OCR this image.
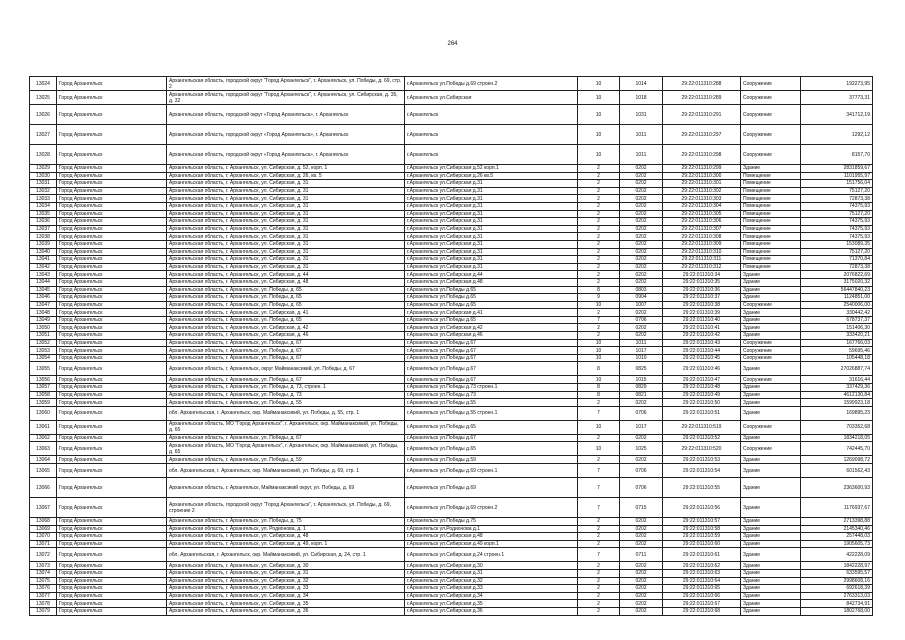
264
13024	Город Архангельск	Архангельская область, городской округ "Город Архангельск", г. Архангельск, ул. Победы, д. 69, стр. 2	г.Архангельск ул.Победы д.69 строен.2	10	1014	29:22:011310:288	Сооружение	192273,95
13025	Город Архангельск	Архангельская область, городской округ "Город Архангельск", г. Архангельск, ул. Сибирская, д. 35, д. 32	г.Архангельск ул.Сибирская	10	1018	29:22:011310:289	Сооружение	37773,31
13026	Город Архангельск	Архангельская область, городской округ «Город Архангельск», г. Архангельск	г.Архангельск	10	1031	29:22:011310:291	Сооружение	341712,19
13027	Город Архангельск	Архангельская область, городской округ «Город Архангельск», г. Архангельск	г.Архангельск	10	1011	29:22:011310:297	Сооружение	1292,12
13028	Город Архангельск	Архангельская область, городской округ «Город Архангельск», г. Архангельск	г.Архангельск	10	1011	29:22:011310:298	Сооружение	8157,70
13029	Город Архангельск	Архангельская область, г. Архангельск, ул. Сибирская, д. 52, корп. 1	г.Архангельск ул.Сибирская д.52 корп.1	2	0202	29:22:011310:299	Здание	2831859,67
13030	Город Архангельск	Архангельская область, г. Архангельск, ул. Сибирская, д. 26, кв. 5	г.Архангельск ул.Сибирская д.26 кв.5	2	0202	29:22:011310:300	Помещение	1101955,97
13031	Город Архангельск	Архангельская область, г. Архангельск, ул. Сибирская, д. 31	г.Архангельск ул.Сибирская д.31	2	0202	29:22:011310:301	Помещение	151756,04
13032	Город Архангельск	Архангельская область, г. Архангельск, ул. Сибирская, д. 31	г.Архангельск ул.Сибирская д.31	2	0202	29:22:011310:302	Помещение	75127,20
13033	Город Архангельск	Архангельская область, г. Архангельск, ул. Сибирская, д. 31	г.Архангельск ул.Сибирская д.31	2	0202	29:22:011310:303	Помещение	72873,38
13034	Город Архангельск	Архангельская область, г. Архангельск, ул. Сибирская, д. 31	г.Архангельск ул.Сибирская д.31	2	0202	29:22:011310:304	Помещение	74375,93
13035	Город Архангельск	Архангельская область, г. Архангельск, ул. Сибирская, д. 31	г.Архангельск ул.Сибирская д.31	2	0202	29:22:011310:305	Помещение	75127,20
13036	Город Архангельск	Архангельская область, г. Архангельск, ул. Сибирская, д. 31	г.Архангельск ул.Сибирская д.31	2	0202	29:22:011310:306	Помещение	74375,93
13037	Город Архангельск	Архангельская область, г. Архангельск, ул. Сибирская, д. 31	г.Архангельск ул.Сибирская д.31	2	0202	29:22:011310:307	Помещение	74375,93
13038	Город Архангельск	Архангельская область, г. Архангельск, ул. Сибирская, д. 31	г.Архангельск ул.Сибирская д.31	2	0202	29:22:011310:308	Помещение	74375,93
13039	Город Архангельск	Архангельская область, г. Архангельск, ул. Сибирская, д. 31	г.Архангельск ул.Сибирская д.31	2	0202	29:22:011310:309	Помещение	153089,35
13040	Город Архангельск	Архангельская область, г. Архангельск, ул. Сибирская, д. 31	г.Архангельск ул.Сибирская д.31	2	0202	29:22:011310:310	Помещение	75127,20
13041	Город Архангельск	Архангельская область, г. Архангельск, ул. Сибирская, д. 31	г.Архангельск ул.Сибирская д.31	2	0202	29:22:011310:311	Помещение	71370,84
13042	Город Архангельск	Архангельская область, г. Архангельск, ул. Сибирская, д. 31	г.Архангельск ул.Сибирская д.31	2	0202	29:22:011310:312	Помещение	72873,38
13043	Город Архангельск	Архангельская область, г. Архангельск, ул. Сибирская, д. 44	г.Архангельск ул.Сибирская д.44	2	0202	29:22:011310:34	Здание	2076822,69
13044	Город Архангельск	Архангельская область, г. Архангельск, ул. Сибирская, д. 48	г.Архангельск ул.Сибирская д.48	2	0202	29:22:011310:35	Здание	3175020,32
13045	Город Архангельск	Архангельская область, г. Архангельск, ул. Победы, д. 65	г.Архангельск ул.Победы д.65	8	0803	29:22:011310:36	Здание	56447840,23
13046	Город Архангельск	Архангельская область, г. Архангельск, ул. Победы, д. 65	г.Архангельск ул.Победы д.65	9	0904	29:22:011310:37	Здание	1124851,00
13047	Город Архангельск	Архангельская область, г. Архангельск, ул. Победы, д. 65	г.Архангельск ул.Победы д.65	10	1007	29:22:011310:38	Сооружение	2540006,00
13048	Город Архангельск	Архангельская область, г. Архангельск, ул. Сибирская, д. 41	г.Архангельск ул.Сибирская д.41	2	0202	29:22:011310:39	Здание	330442,42
13049	Город Архангельск	Архангельская область, г. Архангельск, ул. Победы, д. 65	г.Архангельск ул.Победы д.65	7	0706	29:22:011310:40	Здание	678737,37
13050	Город Архангельск	Архангельская область, г. Архангельск, ул. Сибирская, д. 42	г.Архангельск ул.Сибирская д.42	2	0202	29:22:011310:41	Здание	151406,30
13051	Город Архангельск	Архангельская область, г. Архангельск, ул. Сибирская, д. 46	г.Архангельск ул.Сибирская д.46	2	0202	29:22:011310:42	Здание	333420,21
13052	Город Архангельск	Архангельская область, г. Архангельск, ул. Победы, д. 67	г.Архангельск ул.Победы д.67	10	1011	29:22:011310:43	Сооружение	167766,03
13053	Город Архангельск	Архангельская область, г. Архангельск, ул. Победы, д. 67	г.Архангельск ул.Победы д.67	10	1017	29:22:011310:44	Сооружение	59695,46
13054	Город Архангельск	Архангельская область, г. Архангельск, ул. Победы, д. 67	г.Архангельск ул.Победы д.67	10	1010	29:22:011310:45	Сооружение	105448,18
13055	Город Архангельск	Архангельская область, г. Архангельск, округ Майманаксикий, ул. Победы, д. 67	г.Архангельск ул.Победы д.67	8	0825	29:22:011310:46	Здание	27026887,74
13056	Город Архангельск	Архангельская область, г. Архангельск, ул. Победы, д. 67	г.Архангельск ул.Победы д.67	10	1015	29:22:011310:47	Сооружение	31616,44
13057	Город Архангельск	Архангельская область, г. Архангельск, ул. Победы, д. 73, строен. 1	г.Архангельск ул.Победы д.73 строен.1	8	0829	29:22:011310:48	Здание	337429,36
13058	Город Архангельск	Архангельская область, г. Архангельск, ул. Победы, д. 73	г.Архангельск ул.Победы д.73	8	0821	29:22:011310:49	Здание	4612130,84
13059	Город Архангельск	Архангельская область, г. Архангельск, ул. Победы, д. 55	г.Архангельск ул.Победы д.55	2	0202	29:22:011310:50	Здание	1599923,18
13060	Город Архангельск	обл. Архангельская, г. Архангельск, окр. Майманаксикий, ул. Победы, д. 55, стр. 1	г.Архангельск ул.Победы д.55 строен.1	7	0706	29:22:011310:51	Здание	169895,23
13061	Город Архангельск	Архангельская область, МО "Город Архангельск", г. Архангельск, окр. Майманаксикий, ул. Победы, д. 65	г.Архангельск ул.Победы д.65	10	1017	29:22:011310:519	Сооружение	703352,68
13062	Город Архангельск	Архангельская область, г. Архангельск, ул. Победы, д. 67	г.Архангельск ул.Победы д.67	2	0202	29:22:011310:52	Здание	1834218,05
13063	Город Архангельск	Архангельская область, МО "Город Архангельск", г. Архангельск, окр. Майманаксикий, ул. Победы, д. 65	г.Архангельск ул.Победы д.65	10	1025	29:22:011310:520	Сооружение	742445,70
13064	Город Архангельск	Архангельская область, г. Архангельск, ул. Победы, д. 59	г.Архангельск ул.Победы д.59	2	0202	29:22:011310:53	Здание	1269098,72
13065	Город Архангельск	обл. Архангельская, г. Архангельск, окр. Майманаксикий, ул. Победы, д. 69, стр. 1	г.Архангельск ул.Победы д.69 строен.1	7	0706	29:22:011310:54	Здание	601562,43
13066	Город Архангельск	Архангельская область, г. Архангельск, Майманаксикий округ, ул. Победы, д. 69	г.Архангельск ул.Победы д.69	7	0706	29:22:011310:55	Здание	2363600,93
13067	Город Архангельск	Архангельская область, городской округ "Город Архангельск", г. Архангельск, ул. Победы, д. 69, строение 2	г.Архангельск ул.Победы д.69 строен.2	7	0715	29:22:011310:56	Здание	1176937,67
13068	Город Архангельск	Архангельская область, г. Архангельск, ул. Победы, д. 75	г.Архангельск ул.Победы д.75	2	0202	29:22:011310:57	Здание	2713398,88
13069	Город Архангельск	Архангельская область, г. Архангельск, ул. Родионова, д. 1	г.Архангельск ул.Родионова д.1	2	0202	29:22:011310:58	Здание	2145340,46
13070	Город Архангельск	Архангельская область, г. Архангельск, ул. Сибирская, д. 48	г.Архангельск ул.Сибирская д.48	2	0202	29:22:011310:59	Здание	257448,03
13071	Город Архангельск	Архангельская область, г. Архангельск, ул. Сибирская, д. 49, корп. 1	г.Архангельск ул.Сибирская д.49 корп.1	2	0202	29:22:011310:60	Здание	1905605,73
13072	Город Архангельск	обл. Архангельская, г. Архангельск, окр. Майманаксикий, ул. Сибирская, д. 24, стр. 1	г.Архангельск ул.Сибирская д.24 строен.1	7	0711	29:22:011310:61	Здание	422228,09
13073	Город Архангельск	Архангельская область, г. Архангельск, ул. Сибирская, д. 30	г.Архангельск ул.Сибирская д.30	2	0202	29:22:011310:62	Здание	1842228,97
13074	Город Архангельск	Архангельская область, г. Архангельск, ул. Сибирская, д. 31	г.Архангельск ул.Сибирская д.31	2	0202	29:22:011310:63	Здание	633595,57
13075	Город Архангельск	Архангельская область, г. Архангельск, ул. Сибирская, д. 32	г.Архангельск ул.Сибирская д.32	2	0202	29:22:011310:64	Здание	2998608,16
13076	Город Архангельск	Архангельская область, г. Архангельск, ул. Сибирская, д. 33	г.Архангельск ул.Сибирская д.33	2	0202	29:22:011310:65	Здание	692618,39
13077	Город Архангельск	Архангельская область, г. Архангельск, ул. Сибирская, д. 34	г.Архангельск ул.Сибирская д.34	2	0202	29:22:011310:66	Здание	2763313,03
13078	Город Архангельск	Архангельская область, г. Архангельск, ул. Сибирская, д. 35	г.Архангельск ул.Сибирская д.35	2	0202	29:22:011310:67	Здание	842734,91
13079	Город Архангельск	Архангельская область, г. Архангельск, ул. Сибирская, д. 36	г.Архангельск ул.Сибирская д.36	2	0202	29:22:011310:68	Здание	1802768,00
